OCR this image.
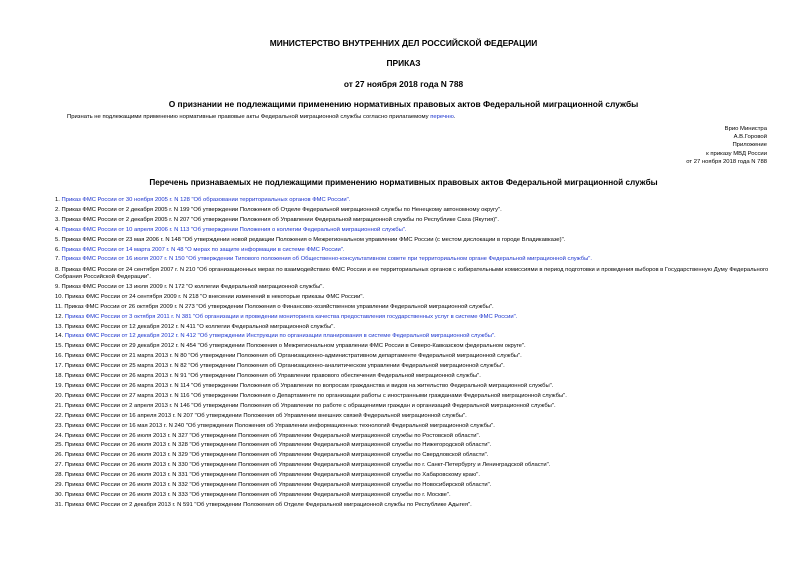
МИНИСТЕРСТВО ВНУТРЕННИХ ДЕЛ РОССИЙСКОЙ ФЕДЕРАЦИИ
ПРИКАЗ
от 27 ноября 2018 года N 788
О признании не подлежащими применению нормативных правовых актов Федеральной миграционной службы
Признать не подлежащими применению нормативные правовые акты Федеральной миграционной службы согласно прилагаемому перечню.
Врио Министра
А.В.Горовой
Приложение
к приказу МВД России
от 27 ноября 2018 года N 788
Перечень признаваемых не подлежащими применению нормативных правовых актов Федеральной миграционной службы
1. Приказ ФМС России от 30 ноября 2005 г. N 128 "Об образовании территориальных органов ФМС России".
2. Приказ ФМС России от 2 декабря 2005 г. N 199 "Об утверждении Положения об Отделе Федеральной миграционной службы по Ненецкому автономному округу".
3. Приказ ФМС России от 2 декабря 2005 г. N 207 "Об утверждении Положения об Управлении Федеральной миграционной службы по Республике Саха (Якутия)".
4. Приказ ФМС России от 10 апреля 2006 г. N 113 "Об утверждении Положения о коллегии Федеральной миграционной службы".
5. Приказ ФМС России от 23 мая 2006 г. N 148 "Об утверждении новой редакции Положения о Межрегиональном управлении ФМС России (с местом дислокации в городе Владикавказе)".
6. Приказ ФМС России от 14 марта 2007 г. N 48 "О мерах по защите информации в системе ФМС России".
7. Приказ ФМС России от 16 июля 2007 г. N 150 "Об утверждении Типового положения об Общественно-консультативном совете при территориальном органе Федеральной миграционной службы".
8. Приказ ФМС России от 24 сентября 2007 г. N 210 "Об организационных мерах по взаимодействию ФМС России и ее территориальных органов с избирательными комиссиями в период подготовки и проведения выборов в Государственную Думу Федерального Собрания Российской Федерации".
9. Приказ ФМС России от 13 июля 2009 г. N 172 "О коллегии Федеральной миграционной службы".
10. Приказ ФМС России от 24 сентября 2009 г. N 218 "О внесении изменений в некоторые приказы ФМС России".
11. Приказ ФМС России от 26 октября 2009 г. N 273 "Об утверждении Положения о Финансово-хозяйственном управлении Федеральной миграционной службы".
12. Приказ ФМС России от 3 октября 2011 г. N 381 "Об организации и проведении мониторинга качества предоставления государственных услуг в системе ФМС России".
13. Приказ ФМС России от 12 декабря 2012 г. N 411 "О коллегии Федеральной миграционной службы".
14. Приказ ФМС России от 12 декабря 2012 г. N 412 "Об утверждении Инструкции по организации планирования в системе Федеральной миграционной службы".
15. Приказ ФМС России от 29 декабря 2012 г. N 454 "Об утверждении Положения о Межрегиональном управлении ФМС России в Северо-Кавказском федеральном округе".
16. Приказ ФМС России от 21 марта 2013 г. N 80 "Об утверждении Положения об Организационно-административном департаменте Федеральной миграционной службы".
17. Приказ ФМС России от 25 марта 2013 г. N 82 "Об утверждении Положения об Организационно-аналитическом управлении Федеральной миграционной службы".
18. Приказ ФМС России от 26 марта 2013 г. N 91 "Об утверждении Положения об Управлении правового обеспечения Федеральной миграционной службы".
19. Приказ ФМС России от 26 марта 2013 г. N 114 "Об утверждении Положения об Управлении по вопросам гражданства и видов на жительство Федеральной миграционной службы".
20. Приказ ФМС России от 27 марта 2013 г. N 116 "Об утверждении Положения о Департаменте по организации работы с иностранными гражданами Федеральной миграционной службы".
21. Приказ ФМС России от 2 апреля 2013 г. N 146 "Об утверждении Положения об Управлении по работе с обращениями граждан и организаций Федеральной миграционной службы".
22. Приказ ФМС России от 16 апреля 2013 г. N 207 "Об утверждении Положения об Управлении внешних связей Федеральной миграционной службы".
23. Приказ ФМС России от 16 мая 2013 г. N 240 "Об утверждении Положения об Управлении информационных технологий Федеральной миграционной службы".
24. Приказ ФМС России от 26 июля 2013 г. N 327 "Об утверждении Положения об Управлении Федеральной миграционной службы по Ростовской области".
25. Приказ ФМС России от 26 июля 2013 г. N 328 "Об утверждении Положения об Управлении Федеральной миграционной службы по Нижегородской области".
26. Приказ ФМС России от 26 июля 2013 г. N 329 "Об утверждении Положения об Управлении Федеральной миграционной службы по Свердловской области".
27. Приказ ФМС России от 26 июля 2013 г. N 330 "Об утверждении Положения об Управлении Федеральной миграционной службы по г. Санкт-Петербургу и Ленинградской области".
28. Приказ ФМС России от 26 июля 2013 г. N 331 "Об утверждении Положения об Управлении Федеральной миграционной службы по Хабаровскому краю".
29. Приказ ФМС России от 26 июля 2013 г. N 332 "Об утверждении Положения об Управлении Федеральной миграционной службы по Новосибирской области".
30. Приказ ФМС России от 26 июля 2013 г. N 333 "Об утверждении Положения об Управлении Федеральной миграционной службы по г. Москве".
31. Приказ ФМС России от 2 декабря 2013 г. N 591 "Об утверждении Положения об Отделе Федеральной миграционной службы по Республике Адыгея".
